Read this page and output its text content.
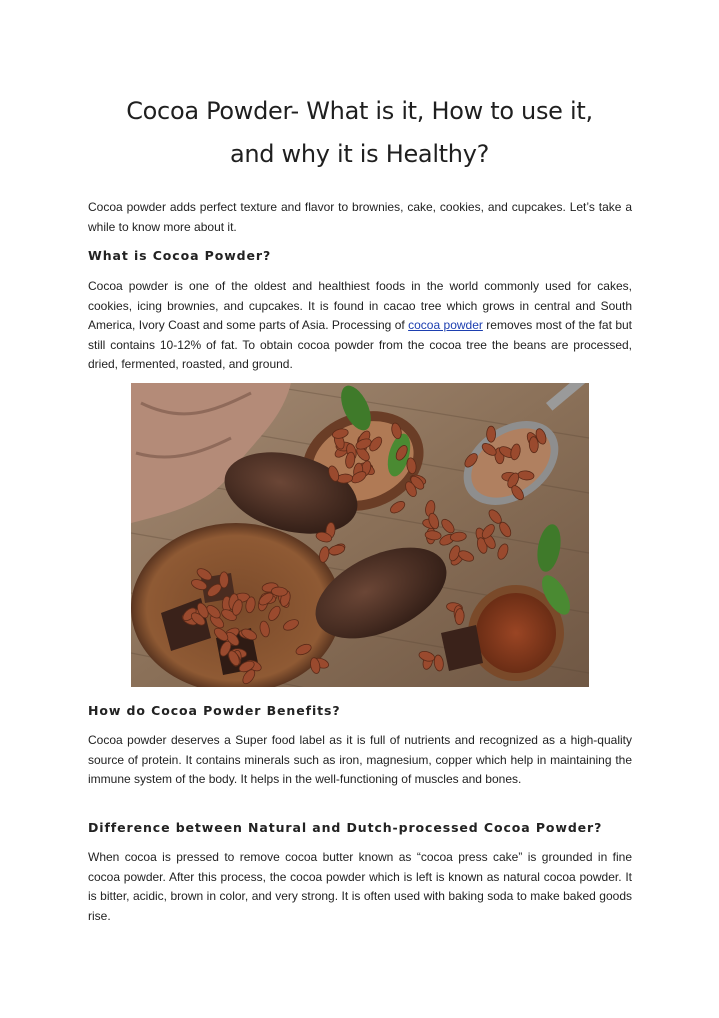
Cocoa Powder- What is it, How to use it,
and why it is Healthy?

Cocoa powder adds perfect texture and flavor to brownies, cake, cookies, and cupcakes. Let’s take a while to know more about it.

What is Cocoa Powder?

Cocoa powder is one of the oldest and healthiest foods in the world commonly used for cakes, cookies, icing brownies, and cupcakes. It is found in cacao tree which grows in central and South America, Ivory Coast and some parts of Asia. Processing of cocoa powder removes most of the fat but still contains 10-12% of fat. To obtain cocoa powder from the cocoa tree the beans are processed, dried, fermented, roasted, and ground.

How do Cocoa Powder Benefits?

Cocoa powder deserves a Super food label as it is full of nutrients and recognized as a high-quality source of protein. It contains minerals such as iron, magnesium, copper which help in maintaining the immune system of the body. It helps in the well-functioning of muscles and bones.

Difference between Natural and Dutch-processed Cocoa Powder?

When cocoa is pressed to remove cocoa butter known as “cocoa press cake” is grounded in fine cocoa powder. After this process, the cocoa powder which is left is known as natural cocoa powder. It is bitter, acidic, brown in color, and very strong. It is often used with baking soda to make baked goods rise.
